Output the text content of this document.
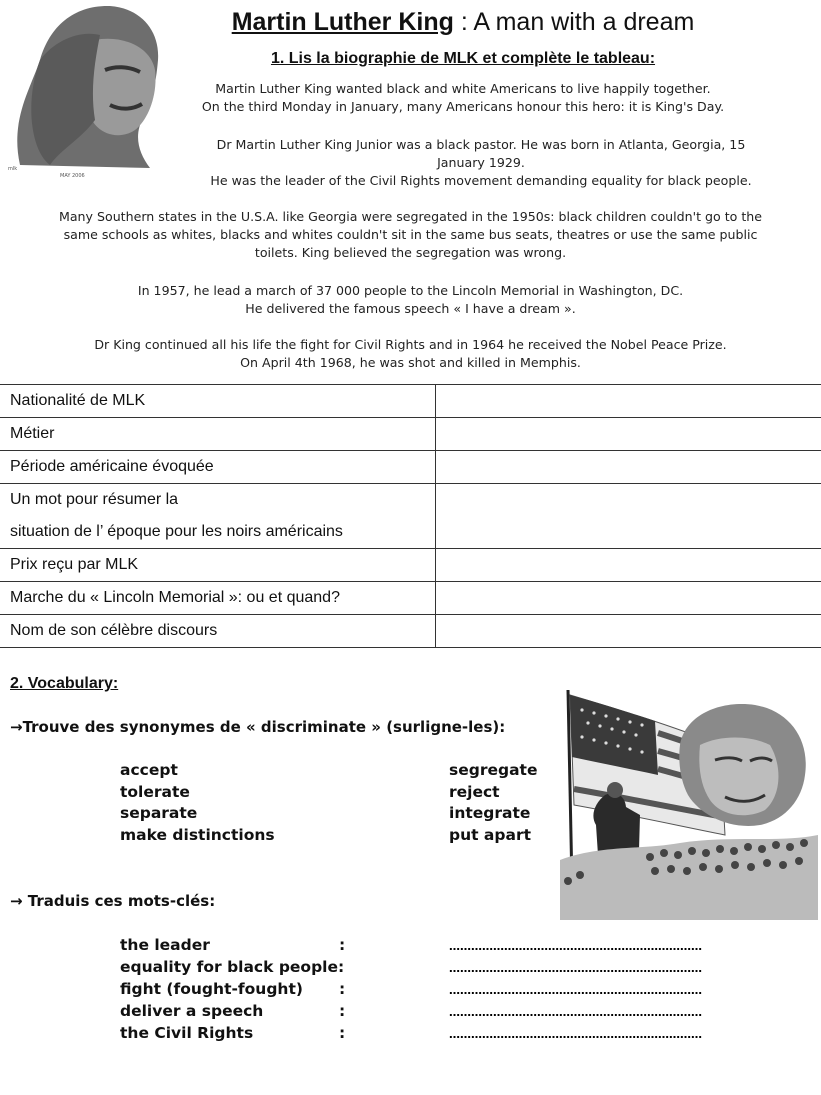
mlk
MAY 2006
Martin Luther King : A man with a dream
1. Lis la biographie de MLK et complète le tableau:
Martin Luther King wanted black and white Americans to live happily together.
On the third Monday in January, many Americans honour this hero: it is King's Day.
Dr Martin Luther King Junior was a black pastor. He was born in Atlanta, Georgia, 15
January 1929.
He was the leader of the Civil Rights movement demanding equality for black people.
Many Southern states in the U.S.A. like Georgia were segregated in the 1950s: black children couldn't go to the
same schools as whites, blacks and whites couldn't sit in the same bus seats, theatres or use the same public
toilets. King believed the segregation was wrong.
In 1957, he lead a march of 37 000 people to the Lincoln Memorial in Washington, DC.
He delivered the famous speech « I have a dream ».
Dr King continued all his life the fight for Civil Rights and in 1964 he received the Nobel Peace Prize.
On April 4th 1968, he was shot and killed in Memphis.
Nationalité de MLK	
Métier	
Période américaine évoquée	
Un mot pour résumer la
situation de l’ époque pour les noirs américains	
Prix reçu par MLK	
Marche du « Lincoln Memorial »: ou et quand?	
Nom de son célèbre discours	
2. Vocabulary:
→Trouve des synonymes de « discriminate » (surligne-les):
accept
tolerate
separate
make distinctions
segregate
reject
integrate
put apart
→ Traduis ces mots-clés:
the leader	:	……………………………………………………………
equality for black people:	……………………………………………………………
fight (fought-fought) :	……………………………………………………………
deliver a speech	:	……………………………………………………………
the Civil Rights	:	……………………………………………………………
